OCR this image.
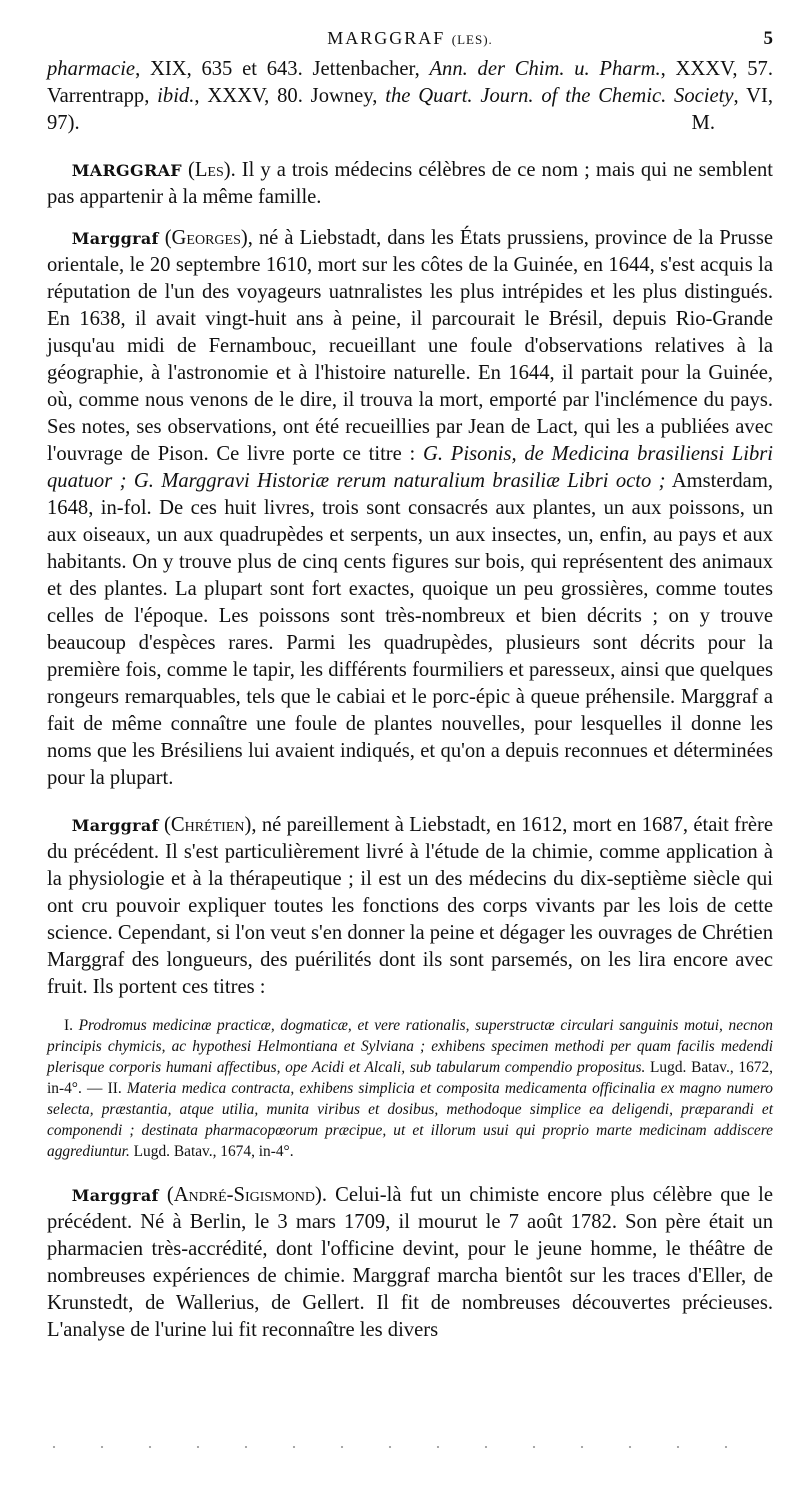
MARGGRAF (LES).	5

pharmacie, XIX, 635 et 643. Jettenbacher, Ann. der Chim. u. Pharm., XXXV, 57. Varrentrapp, ibid., XXXV, 80. Jowney, the Quart. Journ. of the Chemic. Society, VI, 97).	M.

MARGGRAF (Les). Il y a trois médecins célèbres de ce nom ; mais qui ne semblent pas appartenir à la même famille.

Marggraf (Georges), né à Liebstadt, dans les États prussiens, province de la Prusse orientale, le 20 septembre 1610, mort sur les côtes de la Guinée, en 1644, s'est acquis la réputation de l'un des voyageurs uatnralistes les plus intrépides et les plus distingués. En 1638, il avait vingt-huit ans à peine, il parcourait le Brésil, depuis Rio-Grande jusqu'au midi de Fernambouc, recueillant une foule d'observations relatives à la géographie, à l'astronomie et à l'histoire naturelle. En 1644, il partait pour la Guinée, où, comme nous venons de le dire, il trouva la mort, emporté par l'inclémence du pays. Ses notes, ses observations, ont été recueillies par Jean de Lact, qui les a publiées avec l'ouvrage de Pison. Ce livre porte ce titre : G. Pisonis, de Medicina brasiliensi Libri quatuor ; G. Marggravi Historiæ rerum naturalium brasiliæ Libri octo ; Amsterdam, 1648, in-fol. De ces huit livres, trois sont consacrés aux plantes, un aux poissons, un aux oiseaux, un aux quadrupèdes et serpents, un aux insectes, un, enfin, au pays et aux habitants. On y trouve plus de cinq cents figures sur bois, qui représentent des animaux et des plantes. La plupart sont fort exactes, quoique un peu grossières, comme toutes celles de l'époque. Les poissons sont très-nombreux et bien décrits ; on y trouve beaucoup d'espèces rares. Parmi les quadrupèdes, plusieurs sont décrits pour la première fois, comme le tapir, les différents fourmiliers et paresseux, ainsi que quelques rongeurs remarquables, tels que le cabiai et le porc-épic à queue préhensile. Marggraf a fait de même connaître une foule de plantes nouvelles, pour lesquelles il donne les noms que les Brésiliens lui avaient indiqués, et qu'on a depuis reconnues et déterminées pour la plupart.

Marggraf (Chrétien), né pareillement à Liebstadt, en 1612, mort en 1687, était frère du précédent. Il s'est particulièrement livré à l'étude de la chimie, comme application à la physiologie et à la thérapeutique ; il est un des médecins du dix-septième siècle qui ont cru pouvoir expliquer toutes les fonctions des corps vivants par les lois de cette science. Cependant, si l'on veut s'en donner la peine et dégager les ouvrages de Chrétien Marggraf des longueurs, des puérilités dont ils sont parsemés, on les lira encore avec fruit. Ils portent ces titres :

I. Prodromus medicinæ practicæ, dogmaticæ, et vere rationalis, superstructæ circulari sanguinis motui, necnon principis chymicis, ac hypothesi Helmontiana et Sylviana ; exhibens specimen methodi per quam facilis medendi plerisque corporis humani affectibus, ope Acidi et Alcali, sub tabularum compendio propositus. Lugd. Batav., 1672, in-4°. — II. Materia medica contracta, exhibens simplicia et composita medicamenta officinalia ex magno numero selecta, præstantia, atque utilia, munita viribus et dosibus, methodoque simplice ea deligendi, præparandi et componendi ; destinata pharmacopœorum præcipue, ut et illorum usui qui proprio marte medicinam addiscere aggrediuntur. Lugd. Batav., 1674, in-4°.

Marggraf (André-Sigismond). Celui-là fut un chimiste encore plus célèbre que le précédent. Né à Berlin, le 3 mars 1709, il mourut le 7 août 1782. Son père était un pharmacien très-accrédité, dont l'officine devint, pour le jeune homme, le théâtre de nombreuses expériences de chimie. Marggraf marcha bientôt sur les traces d'Eller, de Krunstedt, de Wallerius, de Gellert. Il fit de nombreuses découvertes précieuses. L'analyse de l'urine lui fit reconnaître les divers
